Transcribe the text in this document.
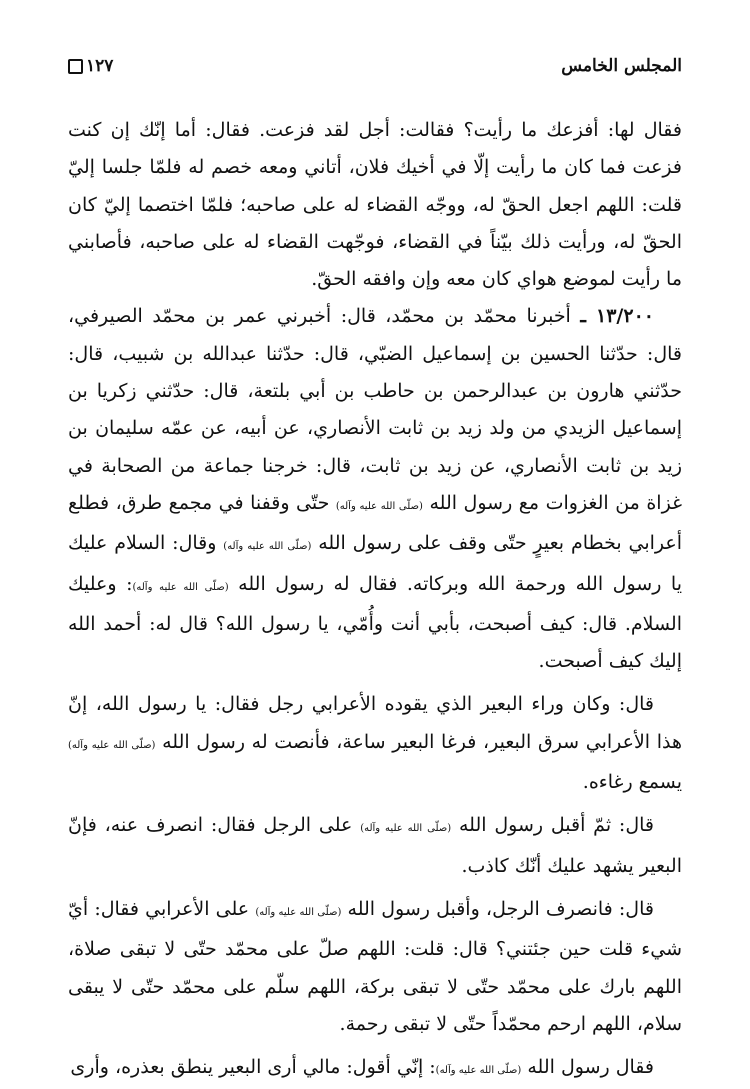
المجلس الخامس
١٢٧

فقال لها: أفزعك ما رأيت؟ فقالت: أجل لقد فزعت. فقال: أما إنّك إن كنت فزعت فما كان ما رأيت إلّا في أخيك فلان، أتاني ومعه خصم له فلمّا جلسا إليّ قلت: اللهم اجعل الحقّ له، ووجّه القضاء له على صاحبه؛ فلمّا اختصما إليّ كان الحقّ له، ورأيت ذلك بيّناً في القضاء، فوجّهت القضاء له على صاحبه، فأصابني ما رأيت لموضع هواي كان معه وإن وافقه الحقّ.

١٣/٢٠٠ ـ أخبرنا محمّد بن محمّد، قال: أخبرني عمر بن محمّد الصيرفي، قال: حدّثنا الحسين بن إسماعيل الضبّي، قال: حدّثنا عبدالله بن شبيب، قال: حدّثني هارون بن عبدالرحمن بن حاطب بن أبي بلتعة، قال: حدّثني زكريا بن إسماعيل الزيدي من ولد زيد بن ثابت الأنصاري، عن أبيه، عن عمّه سليمان بن زيد بن ثابت الأنصاري، عن زيد بن ثابت، قال: خرجنا جماعة من الصحابة في غزاة من الغزوات مع رسول الله (صلّى الله عليه وآله) حتّى وقفنا في مجمع طرق، فطلع أعرابي بخطام بعيرٍ حتّى وقف على رسول الله (صلّى الله عليه وآله) وقال: السلام عليك يا رسول الله ورحمة الله وبركاته. فقال له رسول الله (صلّى الله عليه وآله): وعليك السلام. قال: كيف أصبحت، بأبي أنت وأُمّي، يا رسول الله؟ قال له: أحمد الله إليك كيف أصبحت.

قال: وكان وراء البعير الذي يقوده الأعرابي رجل فقال: يا رسول الله، إنّ هذا الأعرابي سرق البعير، فرغا البعير ساعة، فأنصت له رسول الله (صلّى الله عليه وآله) يسمع رغاءه.

قال: ثمّ أقبل رسول الله (صلّى الله عليه وآله) على الرجل فقال: انصرف عنه، فإنّ البعير يشهد عليك أنّك كاذب.

قال: فانصرف الرجل، وأقبل رسول الله (صلّى الله عليه وآله) على الأعرابي فقال: أيّ شيء قلت حين جئتني؟ قال: قلت: اللهم صلّ على محمّد حتّى لا تبقى صلاة، اللهم بارك على محمّد حتّى لا تبقى بركة، اللهم سلّم على محمّد حتّى لا يبقى سلام، اللهم ارحم محمّداً حتّى لا تبقى رحمة.

فقال رسول الله (صلّى الله عليه وآله): إنّي أقول: مالي أرى البعير ينطق بعذره، وأرى
